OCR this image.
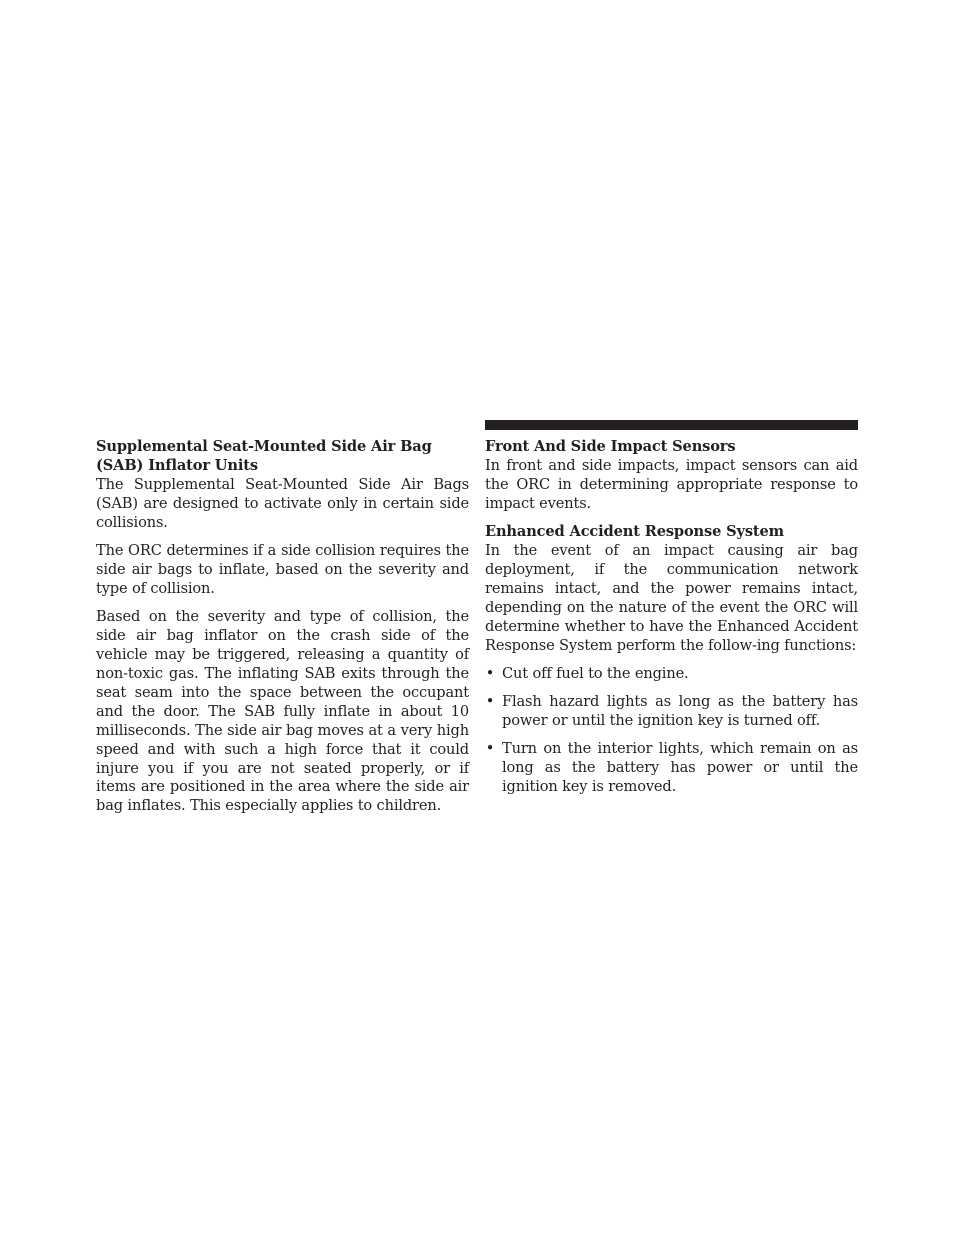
Supplemental Seat-Mounted Side Air Bag (SAB) Inflator Units

The Supplemental Seat-Mounted Side Air Bags (SAB) are designed to activate only in certain side collisions.

The ORC determines if a side collision requires the side air bags to inflate, based on the severity and type of collision.

Based on the severity and type of collision, the side air bag inflator on the crash side of the vehicle may be triggered, releasing a quantity of non-toxic gas. The inflating SAB exits through the seat seam into the space between the occupant and the door. The SAB fully inflate in about 10 milliseconds. The side air bag moves at a very high speed and with such a high force that it could injure you if you are not seated properly, or if items are positioned in the area where the side air bag inflates. This especially applies to children.

Front And Side Impact Sensors

In front and side impacts, impact sensors can aid the ORC in determining appropriate response to impact events.

Enhanced Accident Response System

In the event of an impact causing air bag deployment, if the communication network remains intact, and the power remains intact, depending on the nature of the event the ORC will determine whether to have the Enhanced Accident Response System perform the follow-ing functions:

• Cut off fuel to the engine.
• Flash hazard lights as long as the battery has power or until the ignition key is turned off.
• Turn on the interior lights, which remain on as long as the battery has power or until the ignition key is removed.
